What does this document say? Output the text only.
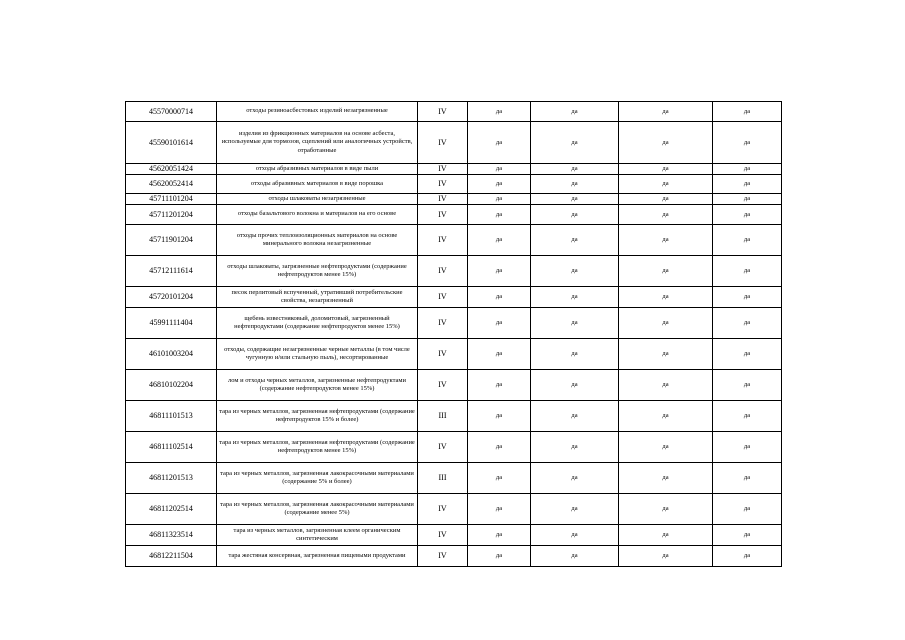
45570000714	отходы резиноасбестовых изделий незагрязненные	IV	да	да	да	да
45590101614	изделия из фрикционных материалов на основе асбеста, используемые для тормозов, сцеплений или аналогичных устройств, отработанные	IV	да	да	да	да
45620051424	отходы абразивных материалов в виде пыли	IV	да	да	да	да
45620052414	отходы абразивных материалов в виде порошка	IV	да	да	да	да
45711101204	отходы шлаковаты незагрязненные	IV	да	да	да	да
45711201204	отходы базальтового волокна и материалов на его основе	IV	да	да	да	да
45711901204	отходы прочих теплоизоляционных материалов на основе минерального волокна незагрязненные	IV	да	да	да	да
45712111614	отходы шлаковаты, загрязненные нефтепродуктами (содержание нефтепродуктов менее 15%)	IV	да	да	да	да
45720101204	песок перлитовый вспученный, утративший потребительские свойства, незагрязненный	IV	да	да	да	да
45991111404	щебень известняковый, доломитовый, загрязненный нефтепродуктами (содержание нефтепродуктов менее 15%)	IV	да	да	да	да
46101003204	отходы, содержащие незагрязненные черные металлы (в том числе чугунную и/или стальную пыль), несортированные	IV	да	да	да	да
46810102204	лом и отходы черных металлов, загрязненные нефтепродуктами (содержание нефтепродуктов менее 15%)	IV	да	да	да	да
46811101513	тара из черных металлов, загрязненная нефтепродуктами (содержание нефтепродуктов 15% и более)	III	да	да	да	да
46811102514	тара из черных металлов, загрязненная нефтепродуктами (содержание нефтепродуктов менее 15%)	IV	да	да	да	да
46811201513	тара из черных металлов, загрязненная лакокрасочными материалами (содержание 5% и более)	III	да	да	да	да
46811202514	тара из черных металлов, загрязненная лакокрасочными материалами (содержание менее 5%)	IV	да	да	да	да
46811323514	тара из черных металлов, загрязненная клеем органическим синтетическим	IV	да	да	да	да
46812211504	тара жестяная консервная, загрязненная пищевыми продуктами	IV	да	да	да	да
